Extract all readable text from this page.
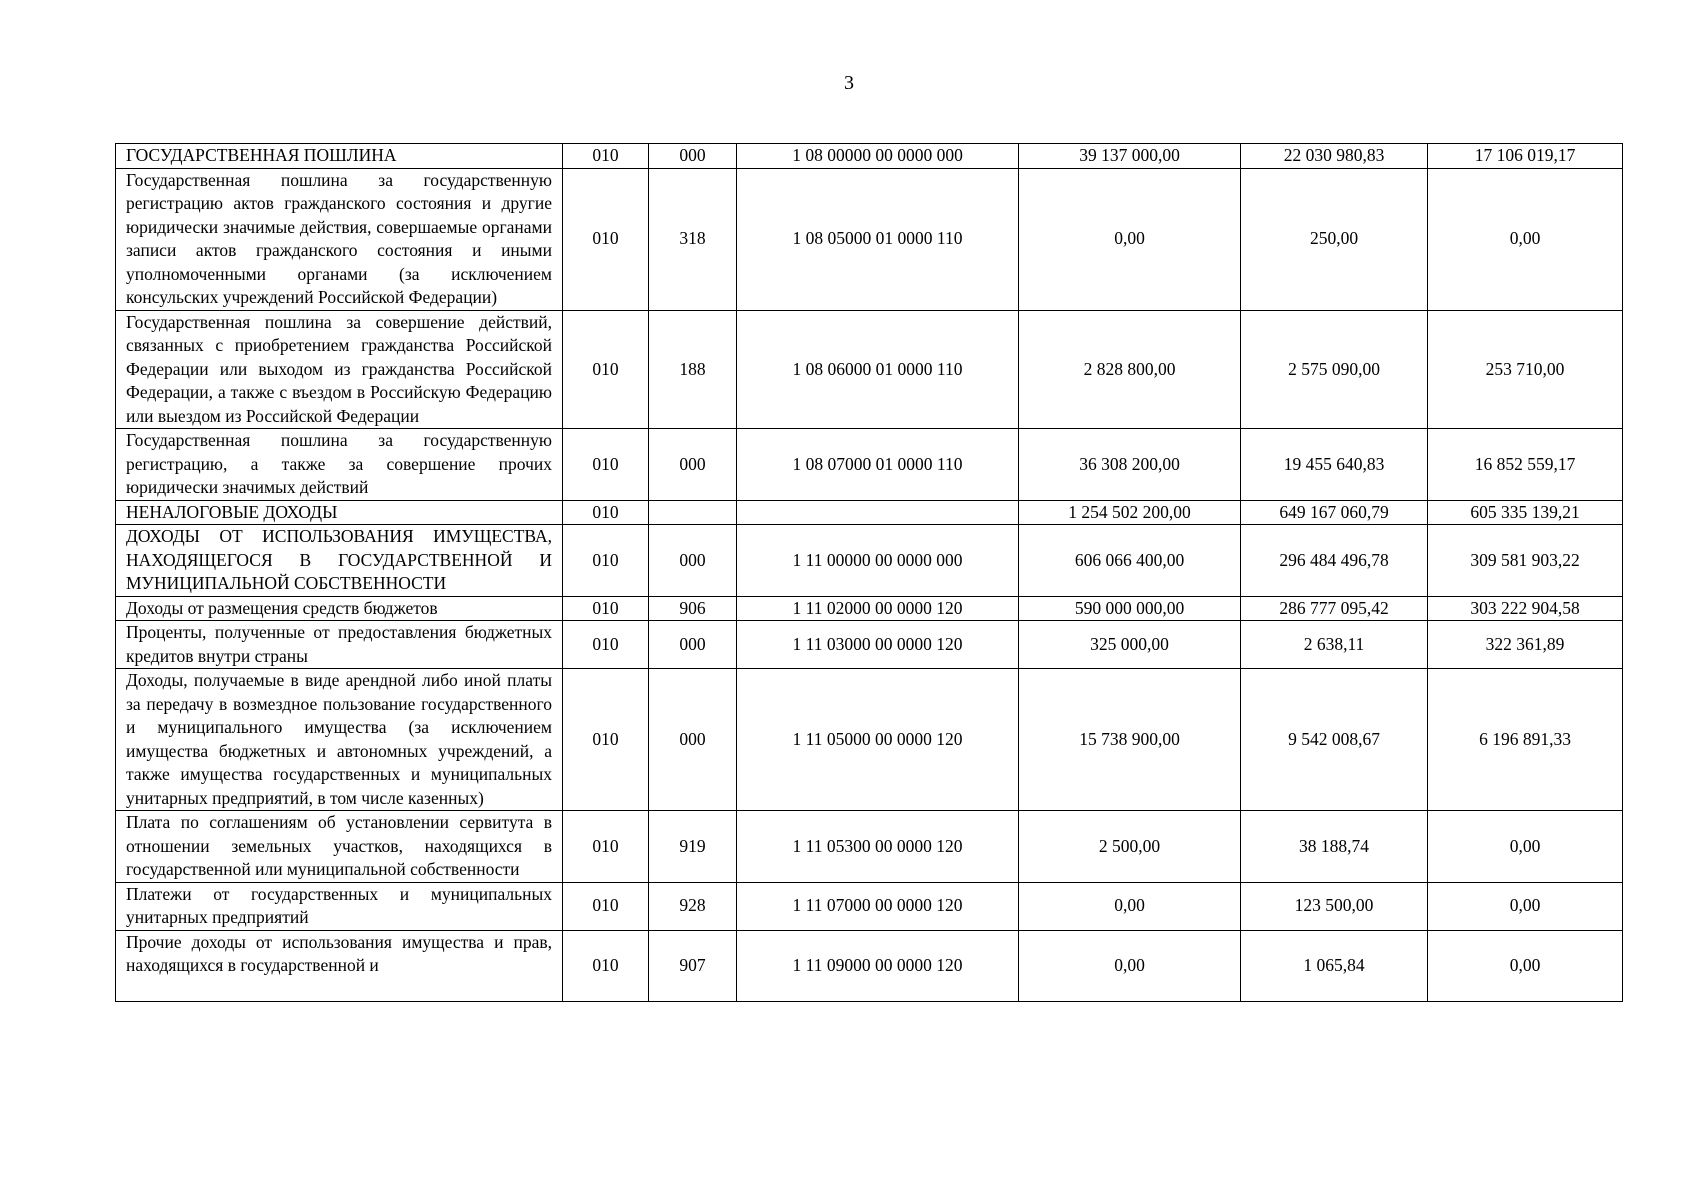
3
ГОСУДАРСТВЕННАЯ ПОШЛИНА	010	000	1 08 00000 00 0000 000	39 137 000,00	22 030 980,83	17 106 019,17
Государственная пошлина за государственную регистрацию актов гражданского состояния и другие юридически значимые действия, совершаемые органами записи актов гражданского состояния и иными уполномоченными органами (за исключением консульских учреждений Российской Федерации)	010	318	1 08 05000 01 0000 110	0,00	250,00	0,00
Государственная пошлина за совершение действий, связанных с приобретением гражданства Российской Федерации или выходом из гражданства Российской Федерации, а также с въездом в Российскую Федерацию или выездом из Российской Федерации	010	188	1 08 06000 01 0000 110	2 828 800,00	2 575 090,00	253 710,00
Государственная пошлина за государственную регистрацию, а также за совершение прочих юридически значимых действий	010	000	1 08 07000 01 0000 110	36 308 200,00	19 455 640,83	16 852 559,17
НЕНАЛОГОВЫЕ ДОХОДЫ	010			1 254 502 200,00	649 167 060,79	605 335 139,21
ДОХОДЫ ОТ ИСПОЛЬЗОВАНИЯ ИМУЩЕСТВА, НАХОДЯЩЕГОСЯ В ГОСУДАРСТВЕННОЙ И МУНИЦИПАЛЬНОЙ СОБСТВЕННОСТИ	010	000	1 11 00000 00 0000 000	606 066 400,00	296 484 496,78	309 581 903,22
Доходы от размещения средств бюджетов	010	906	1 11 02000 00 0000 120	590 000 000,00	286 777 095,42	303 222 904,58
Проценты, полученные от предоставления бюджетных кредитов внутри страны	010	000	1 11 03000 00 0000 120	325 000,00	2 638,11	322 361,89
Доходы, получаемые в виде арендной либо иной платы за передачу в возмездное пользование государственного и муниципального имущества (за исключением имущества бюджетных и автономных учреждений, а также имущества государственных и муниципальных унитарных предприятий, в том числе казенных)	010	000	1 11 05000 00 0000 120	15 738 900,00	9 542 008,67	6 196 891,33
Плата по соглашениям об установлении сервитута в отношении земельных участков, находящихся в государственной или муниципальной собственности	010	919	1 11 05300 00 0000 120	2 500,00	38 188,74	0,00
Платежи от государственных и муниципальных унитарных предприятий	010	928	1 11 07000 00 0000 120	0,00	123 500,00	0,00
Прочие доходы от использования имущества и прав, находящихся в государственной и	010	907	1 11 09000 00 0000 120	0,00	1 065,84	0,00
